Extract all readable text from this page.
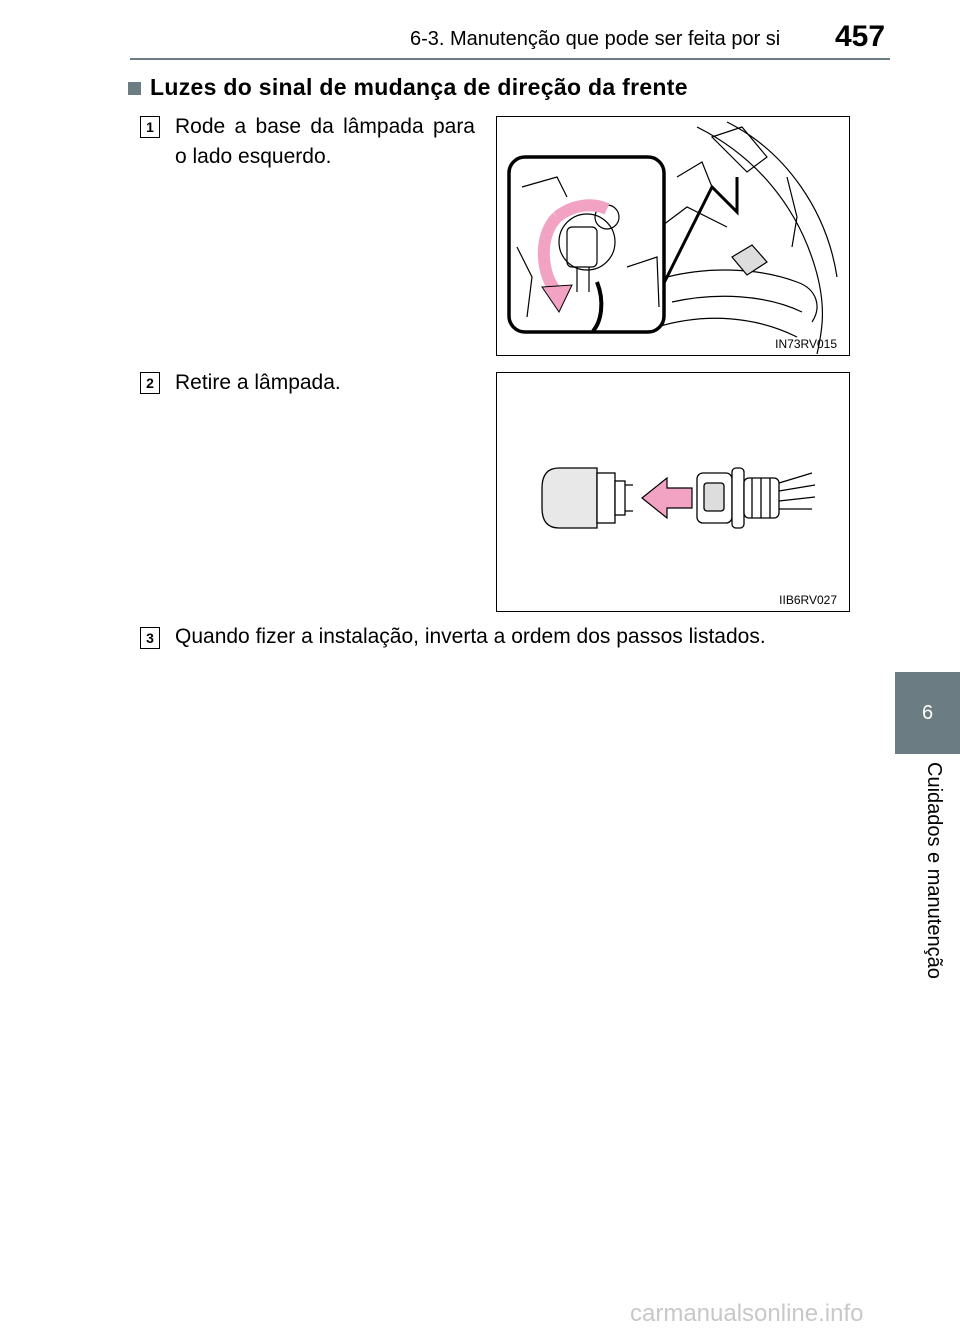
6-3. Manutenção que pode ser feita por si 457
6
Cuidados e manutenção
Luzes do sinal de mudança de direção da frente
1 Rode a base da lâmpada para o lado esquerdo.
IN73RV015
2 Retire a lâmpada.
IIB6RV027
3 Quando fizer a instalação, inverta a ordem dos passos listados.
carmanualsonline.info
